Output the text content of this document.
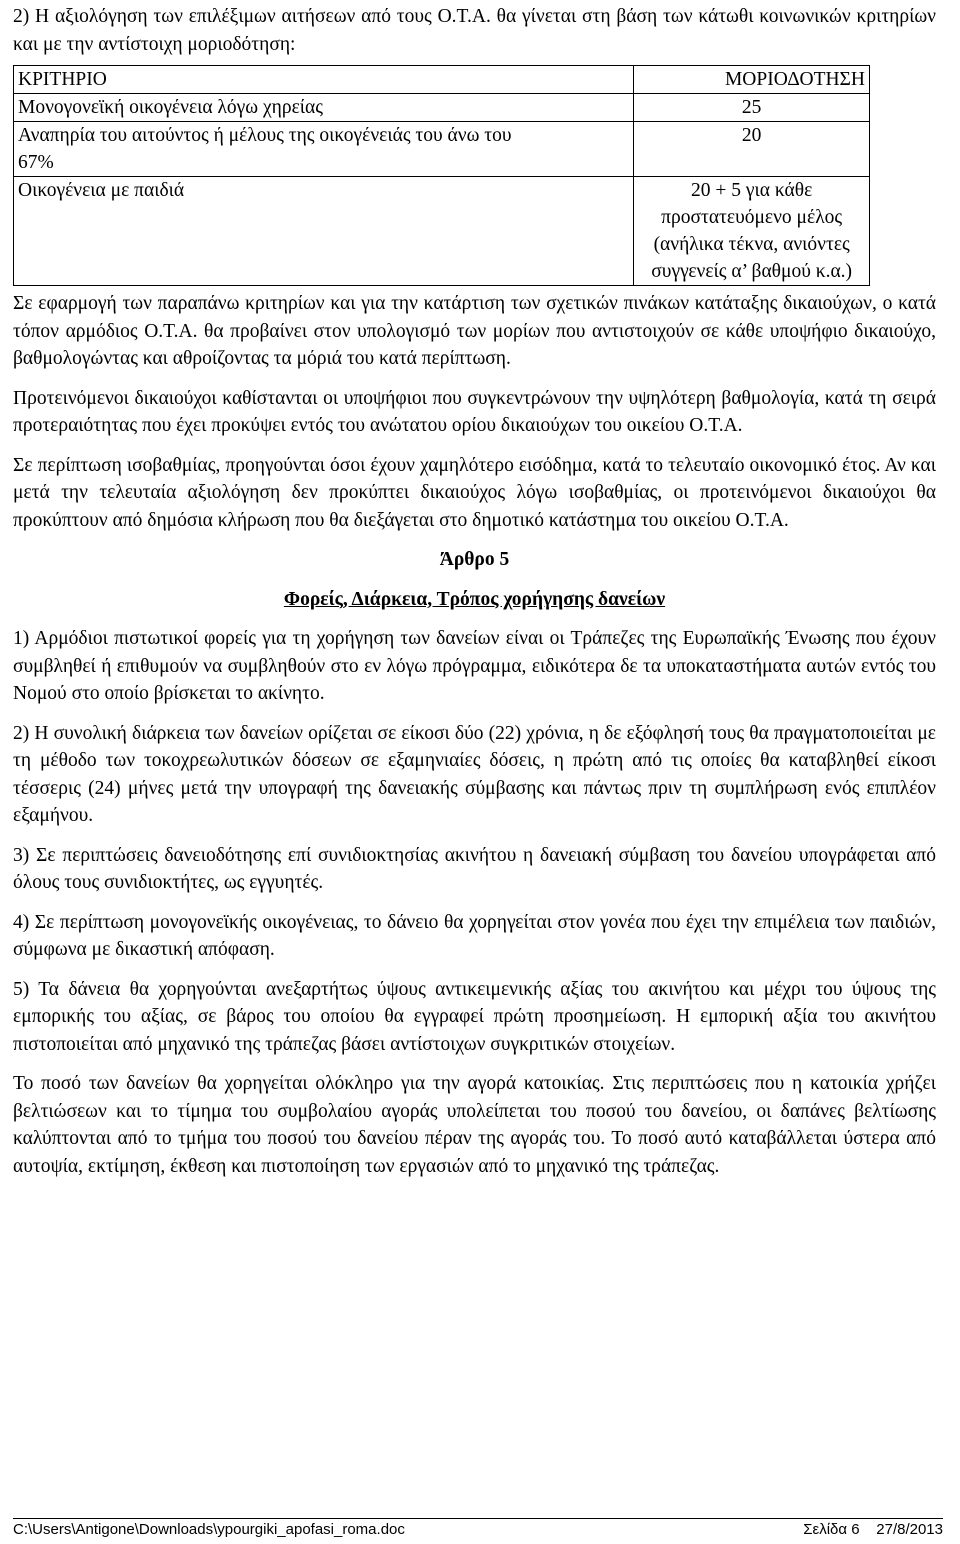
2) Η αξιολόγηση των επιλέξιμων αιτήσεων από τους Ο.Τ.Α. θα γίνεται στη βάση των κάτωθι κοινωνικών κριτηρίων και με την αντίστοιχη μοριοδότηση:

ΚΡΙΤΗΡΙΟ	ΜΟΡΙΟΔΟΤΗΣΗ
Μονογονεϊκή οικογένεια λόγω χηρείας	25
Αναπηρία του αιτούντος ή μέλους της οικογένειάς του άνω του 67%	20
Οικογένεια με παιδιά	20 + 5 για κάθε προστατευόμενο μέλος (ανήλικα τέκνα, ανιόντες συγγενείς α’ βαθμού κ.α.)

Σε εφαρμογή των παραπάνω κριτηρίων και για την κατάρτιση των σχετικών πινάκων κατάταξης δικαιούχων, ο κατά τόπον αρμόδιος Ο.Τ.Α. θα προβαίνει στον υπολογισμό των μορίων που αντιστοιχούν σε κάθε υποψήφιο δικαιούχο, βαθμολογώντας και αθροίζοντας τα μόριά του κατά περίπτωση.

Προτεινόμενοι δικαιούχοι καθίστανται οι υποψήφιοι που συγκεντρώνουν την υψηλότερη βαθμολογία, κατά τη σειρά προτεραιότητας που έχει προκύψει εντός του ανώτατου ορίου δικαιούχων του οικείου Ο.Τ.Α.

Σε περίπτωση ισοβαθμίας, προηγούνται όσοι έχουν χαμηλότερο εισόδημα, κατά το τελευταίο οικονομικό έτος. Αν και μετά την τελευταία αξιολόγηση δεν προκύπτει δικαιούχος λόγω ισοβαθμίας, οι προτεινόμενοι δικαιούχοι θα προκύπτουν από δημόσια κλήρωση που θα διεξάγεται στο δημοτικό κατάστημα του οικείου Ο.Τ.Α.

Άρθρο 5
Φορείς, Διάρκεια, Τρόπος χορήγησης δανείων

1) Αρμόδιοι πιστωτικοί φορείς για τη χορήγηση των δανείων είναι οι Τράπεζες της Ευρωπαϊκής Ένωσης που έχουν συμβληθεί ή επιθυμούν να συμβληθούν στο εν λόγω πρόγραμμα, ειδικότερα δε τα υποκαταστήματα αυτών εντός του Νομού στο οποίο βρίσκεται το ακίνητο.

2) Η συνολική διάρκεια των δανείων ορίζεται σε είκοσι δύο (22) χρόνια, η δε εξόφλησή τους θα πραγματοποιείται με τη μέθοδο των τοκοχρεωλυτικών δόσεων σε εξαμηνιαίες δόσεις, η πρώτη από τις οποίες θα καταβληθεί είκοσι τέσσερις (24) μήνες μετά την υπογραφή της δανειακής σύμβασης και πάντως πριν τη συμπλήρωση ενός επιπλέον εξαμήνου.

3) Σε περιπτώσεις δανειοδότησης επί συνιδιοκτησίας ακινήτου η δανειακή σύμβαση του δανείου υπογράφεται από όλους τους συνιδιοκτήτες, ως εγγυητές.

4) Σε περίπτωση μονογονεϊκής οικογένειας, το δάνειο θα χορηγείται στον γονέα που έχει την επιμέλεια των παιδιών, σύμφωνα με δικαστική απόφαση.

5) Τα δάνεια θα χορηγούνται ανεξαρτήτως ύψους αντικειμενικής αξίας του ακινήτου και μέχρι του ύψους της εμπορικής του αξίας, σε βάρος του οποίου θα εγγραφεί πρώτη προσημείωση. Η εμπορική αξία του ακινήτου πιστοποιείται από μηχανικό της τράπεζας βάσει αντίστοιχων συγκριτικών στοιχείων.

Το ποσό των δανείων θα χορηγείται ολόκληρο για την αγορά κατοικίας. Στις περιπτώσεις που η κατοικία χρήζει βελτιώσεων και το τίμημα του συμβολαίου αγοράς υπολείπεται του ποσού του δανείου, οι δαπάνες βελτίωσης καλύπτονται από το τμήμα του ποσού του δανείου πέραν της αγοράς του. Το ποσό αυτό καταβάλλεται ύστερα από αυτοψία, εκτίμηση, έκθεση και πιστοποίηση των εργασιών από το μηχανικό της τράπεζας.

C:\Users\Antigone\Downloads\ypourgiki_apofasi_roma.doc	Σελίδα 6 27/8/2013
